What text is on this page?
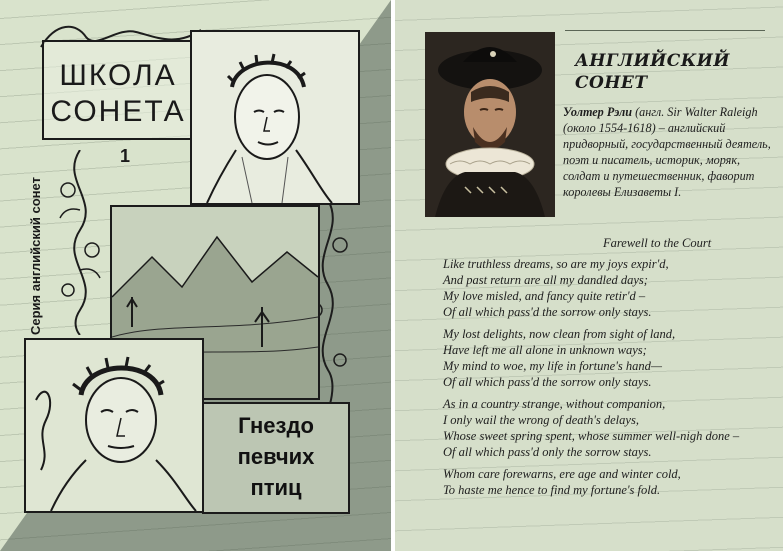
ШКОЛА
СОНЕТА
1
Серия английский сонет
Гнездо
певчих
птиц
АНГЛИЙСКИЙ
СОНЕТ
Уолтер Рэли (англ. Sir Walter Raleigh (около 1554-1618) – английский придворный, государственный деятель, поэт и писатель, историк, моряк, солдат и путешественник, фаворит королевы Елизаветы I.
Farewell to the Court
Like truthless dreams, so are my joys expir'd,
And past return are all my dandled days;
My love misled, and fancy quite retir'd –
Of all which pass'd the sorrow only stays.
My lost delights, now clean from sight of land,
Have left me all alone in unknown ways;
My mind to woe, my life in fortune's hand—
Of all which pass'd the sorrow only stays.
As in a country strange, without companion,
I only wail the wrong of death's delays,
Whose sweet spring spent, whose summer well-nigh done –
Of all which pass'd only the sorrow stays.
Whom care forewarns, ere age and winter cold,
To haste me hence to find my fortune's fold.
